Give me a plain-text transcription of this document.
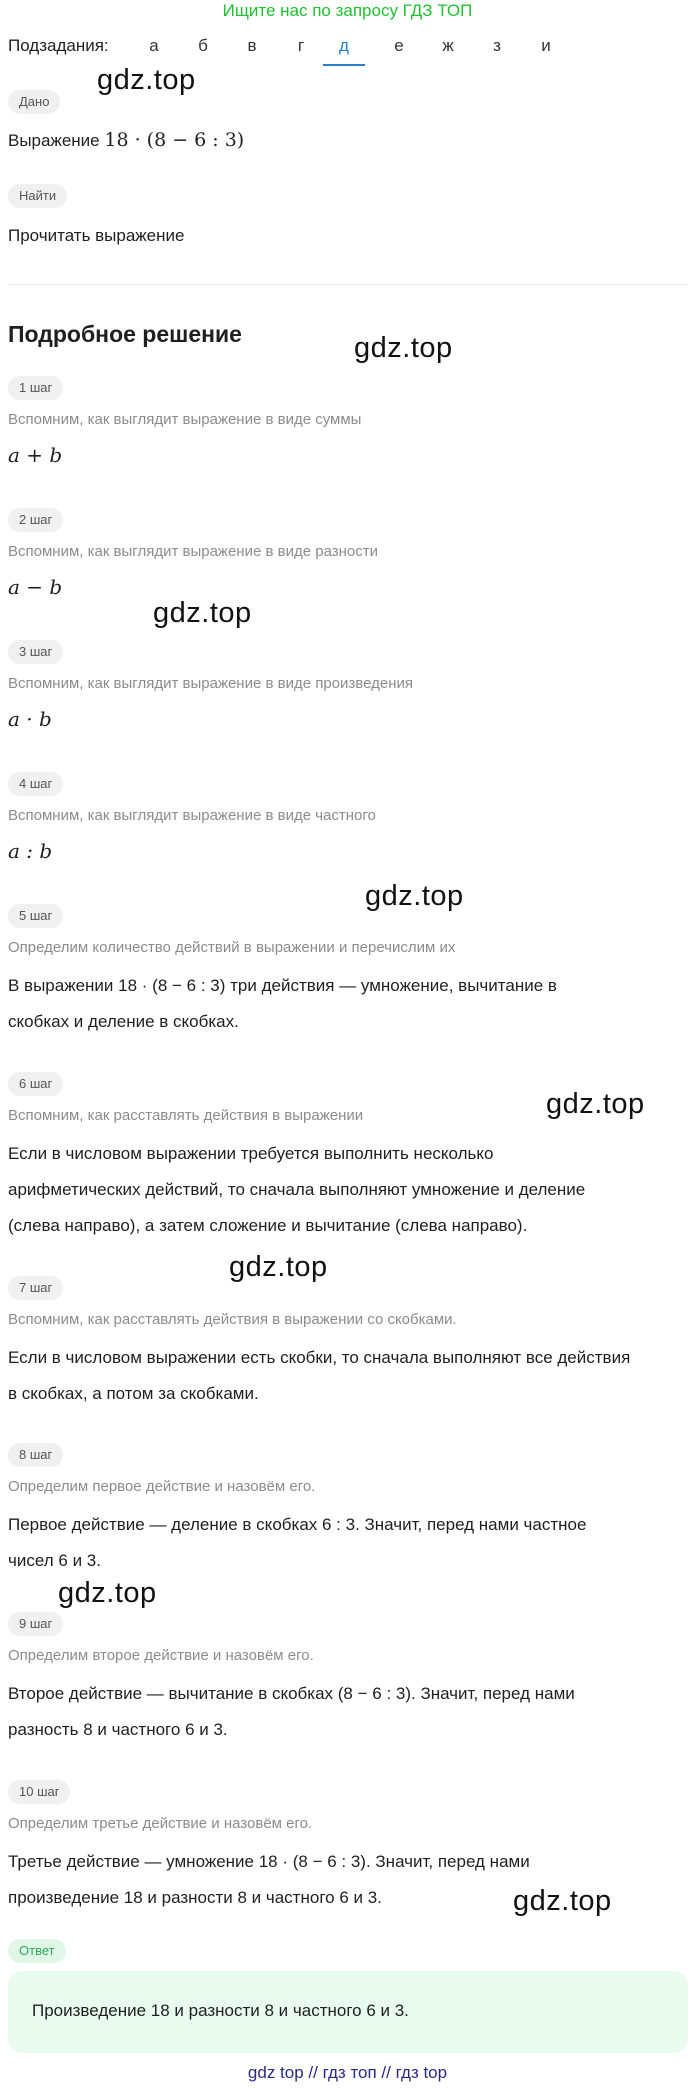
Ищите нас по запросу ГДЗ ТОП
Подзадания:	а	б	в	г	д	е	ж	з	и
Дано
Выражение 18 · (8 − 6 : 3)
Найти
Прочитать выражение
Подробное решение
1 шаг
Вспомним, как выглядит выражение в виде суммы
a + b
2 шаг
Вспомним, как выглядит выражение в виде разности
a − b
3 шаг
Вспомним, как выглядит выражение в виде произведения
a · b
4 шаг
Вспомним, как выглядит выражение в виде частного
a : b
5 шаг
Определим количество действий в выражении и перечислим их
В выражении 18 · (8 − 6 : 3) три действия — умножение, вычитание в
скобках и деление в скобках.
6 шаг
Вспомним, как расставлять действия в выражении
Если в числовом выражении требуется выполнить несколько
арифметических действий, то сначала выполняют умножение и деление
(слева направо), а затем сложение и вычитание (слева направо).
7 шаг
Вспомним, как расставлять действия в выражении со скобками.
Если в числовом выражении есть скобки, то сначала выполняют все действия
в скобках, а потом за скобками.
8 шаг
Определим первое действие и назовём его.
Первое действие — деление в скобках 6 : 3. Значит, перед нами частное
чисел 6 и 3.
9 шаг
Определим второе действие и назовём его.
Второе действие — вычитание в скобках (8 − 6 : 3). Значит, перед нами
разность 8 и частного 6 и 3.
10 шаг
Определим третье действие и назовём его.
Третье действие — умножение 18 · (8 − 6 : 3). Значит, перед нами
произведение 18 и разности 8 и частного 6 и 3.
Ответ
Произведение 18 и разности 8 и частного 6 и 3.
gdz.top
gdz.top
gdz.top
gdz.top
gdz.top
gdz.top
gdz.top
gdz.top
gdz top // гдз топ // гдз top
